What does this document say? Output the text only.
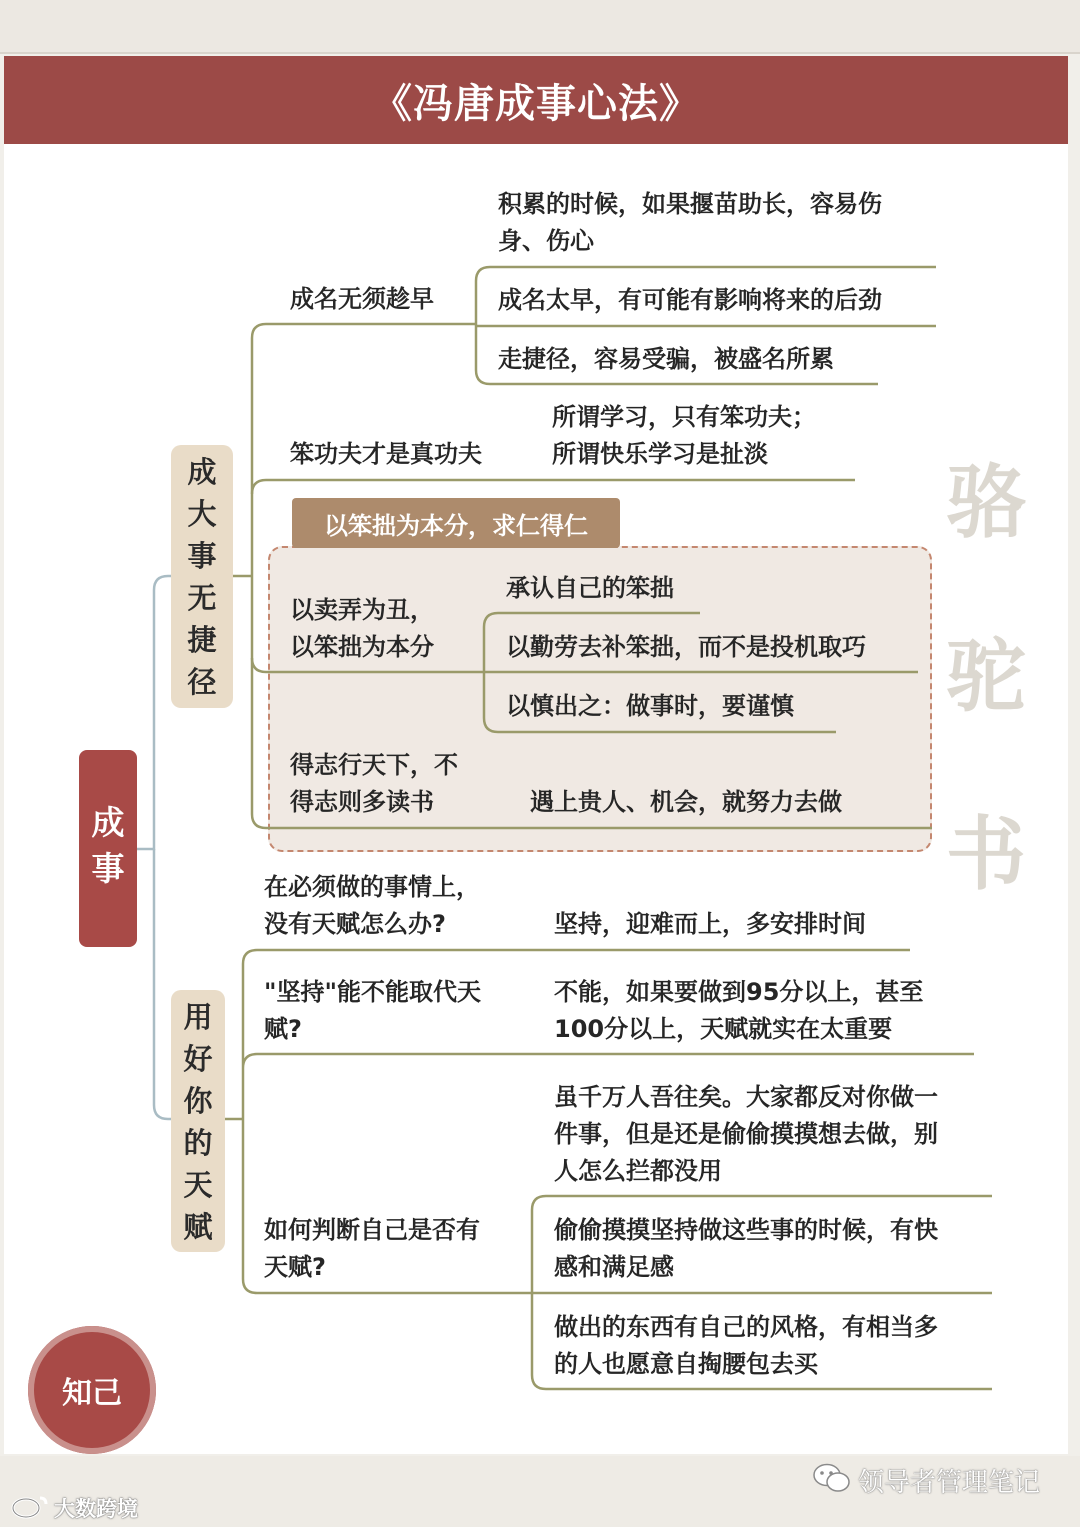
《冯唐成事心法》
成
事
成
大
事
无
捷
径
用
好
你
的
天
赋
成名无须趁早
积累的时候，如果揠苗助长，容易伤
身、伤心
成名太早，有可能有影响将来的后劲
走捷径，容易受骗，被盛名所累
笨功夫才是真功夫
所谓学习，只有笨功夫；
所谓快乐学习是扯淡
以笨拙为本分，求仁得仁
以卖弄为丑，
以笨拙为本分
承认自己的笨拙
以勤劳去补笨拙，而不是投机取巧
以慎出之：做事时，要谨慎
得志行天下，不
得志则多读书	遇上贵人、机会，就努力去做
在必须做的事情上，
没有天赋怎么办?	坚持，迎难而上，多安排时间
"坚持"能不能取代天
赋?
不能，如果要做到95分以上，甚至
100分以上，天赋就实在太重要
如何判断自己是否有
天赋?
虽千万人吾往矣。大家都反对你做一
件事，但是还是偷偷摸摸想去做，别
人怎么拦都没用
偷偷摸摸坚持做这些事的时候，有快
感和满足感
做出的东西有自己的风格，有相当多
的人也愿意自掏腰包去买
骆
驼
书
知己
领导者管理笔记
大数跨境
